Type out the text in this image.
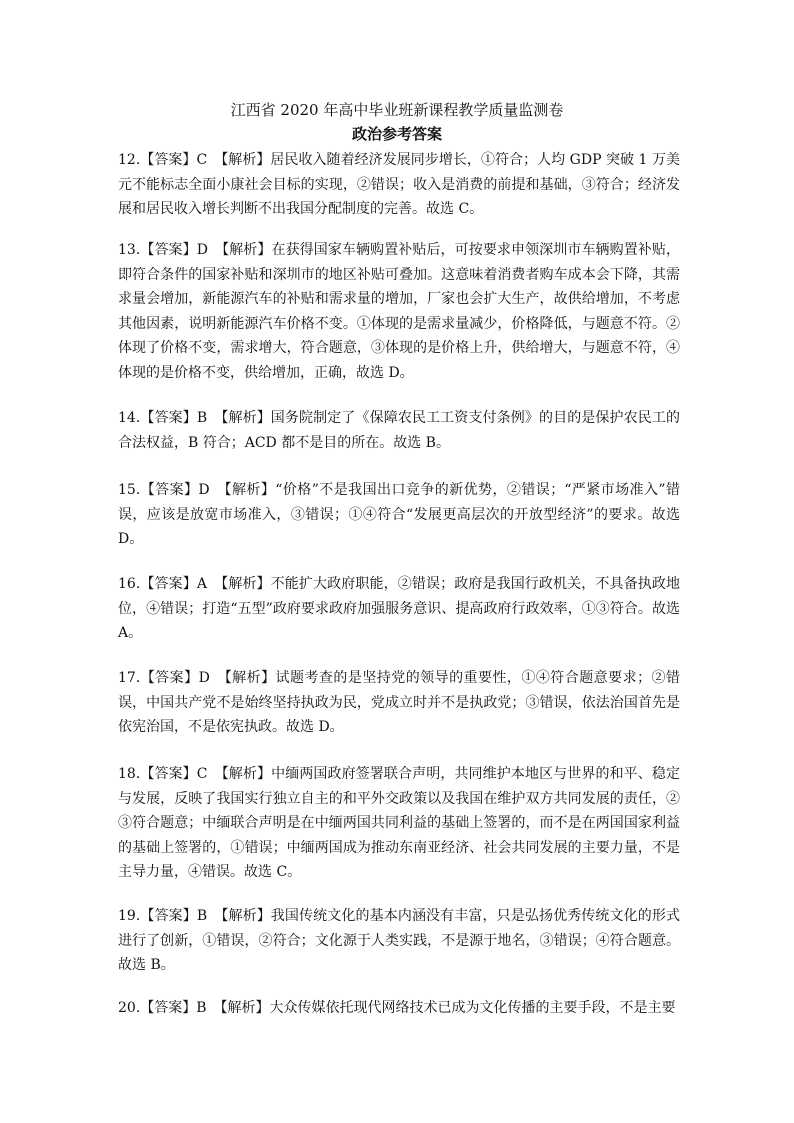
江西省 2020 年高中毕业班新课程教学质量监测卷
政治参考答案
12.【答案】C　【解析】居民收入随着经济发展同步增长，①符合；人均 GDP 突破 1 万美元不能标志全面小康社会目标的实现，②错误；收入是消费的前提和基础，③符合；经济发展和居民收入增长判断不出我国分配制度的完善。故选 C。
13.【答案】D　【解析】在获得国家车辆购置补贴后，可按要求申领深圳市车辆购置补贴，即符合条件的国家补贴和深圳市的地区补贴可叠加。这意味着消费者购车成本会下降，其需求量会增加，新能源汽车的补贴和需求量的增加，厂家也会扩大生产，故供给增加，不考虑其他因素，说明新能源汽车价格不变。①体现的是需求量减少，价格降低，与题意不符。②体现了价格不变，需求增大，符合题意，③体现的是价格上升，供给增大，与题意不符，④体现的是价格不变，供给增加，正确，故选 D。
14.【答案】B　【解析】国务院制定了《保障农民工工资支付条例》的目的是保护农民工的合法权益，B 符合；ACD 都不是目的所在。故选 B。
15.【答案】D　【解析】“价格”不是我国出口竞争的新优势，②错误；“严紧市场准入”错误，应该是放宽市场准入，③错误；①④符合“发展更高层次的开放型经济”的要求。故选 D。
16.【答案】A　【解析】不能扩大政府职能，②错误；政府是我国行政机关，不具备执政地位，④错误；打造“五型”政府要求政府加强服务意识、提高政府行政效率，①③符合。故选 A。
17.【答案】D　【解析】试题考查的是坚持党的领导的重要性，①④符合题意要求；②错误，中国共产党不是始终坚持执政为民，党成立时并不是执政党；③错误，依法治国首先是依宪治国，不是依宪执政。故选 D。
18.【答案】C　【解析】中缅两国政府签署联合声明，共同维护本地区与世界的和平、稳定与发展，反映了我国实行独立自主的和平外交政策以及我国在维护双方共同发展的责任，②③符合题意；中缅联合声明是在中缅两国共同利益的基础上签署的，而不是在两国国家利益的基础上签署的，①错误；中缅两国成为推动东南亚经济、社会共同发展的主要力量，不是主导力量，④错误。故选 C。
19.【答案】B　【解析】我国传统文化的基本内涵没有丰富，只是弘扬优秀传统文化的形式进行了创新，①错误，②符合；文化源于人类实践，不是源于地名，③错误；④符合题意。故选 B。
20.【答案】B　【解析】大众传媒依托现代网络技术已成为文化传播的主要手段，不是主要
